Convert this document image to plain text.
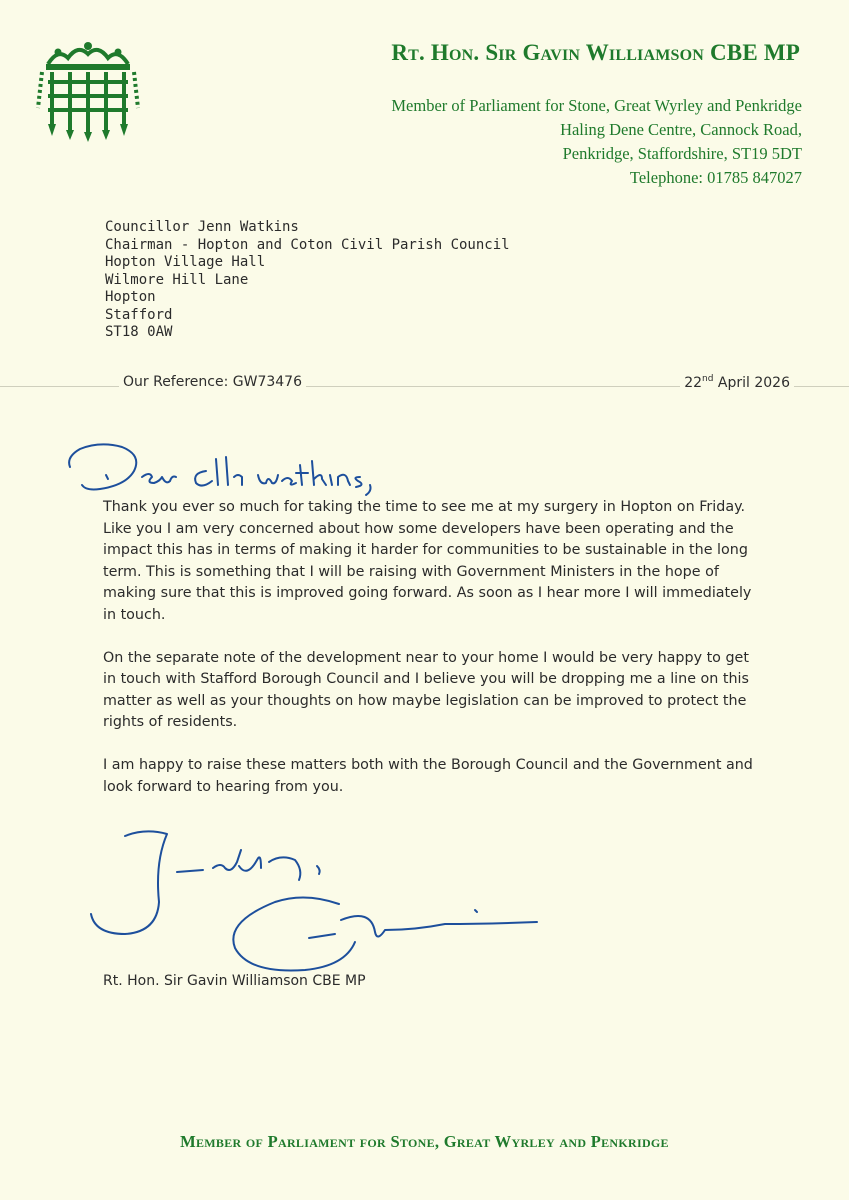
Rt. Hon. Sir Gavin Williamson CBE MP
Member of Parliament for Stone, Great Wyrley and Penkridge
Haling Dene Centre, Cannock Road,
Penkridge, Staffordshire, ST19 5DT
Telephone: 01785 847027
Councillor Jenn Watkins
Chairman - Hopton and Coton Civil Parish Council
Hopton Village Hall
Wilmore Hill Lane
Hopton
Stafford
ST18 0AW
Our Reference: GW73476	22nd April 2026

Thank you ever so much for taking the time to see me at my surgery in Hopton on Friday. Like you I am very concerned about how some developers have been operating and the impact this has in terms of making it harder for communities to be sustainable in the long term. This is something that I will be raising with Government Ministers in the hope of making sure that this is improved going forward. As soon as I hear more I will immediately in touch.

On the separate note of the development near to your home I would be very happy to get in touch with Stafford Borough Council and I believe you will be dropping me a line on this matter as well as your thoughts on how maybe legislation can be improved to protect the rights of residents.

I am happy to raise these matters both with the Borough Council and the Government and look forward to hearing from you.

Rt. Hon. Sir Gavin Williamson CBE MP
Member of Parliament for Stone, Great Wyrley and Penkridge
